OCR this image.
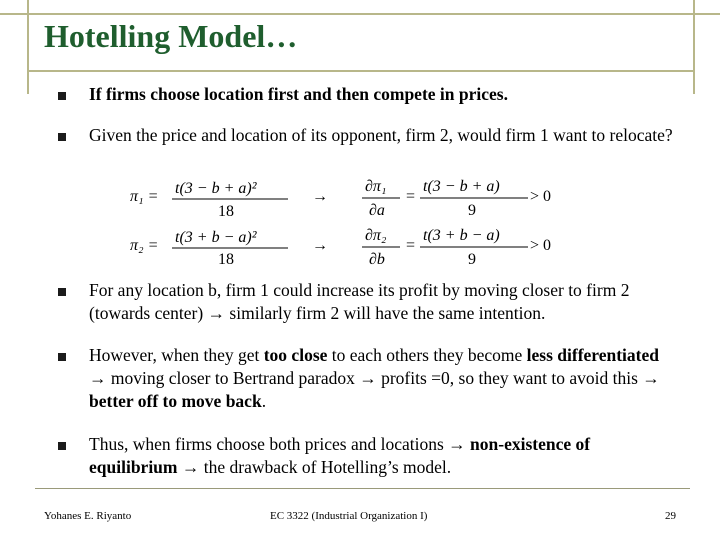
Hotelling Model…
If firms choose location first and then compete in prices.
Given the price and location of its opponent, firm 2, would firm 1 want to relocate?
π₁ = t(3 − b + a)²
18
→
∂π₁
∂a
=
t(3 − b + a)
9
> 0
π₂ = t(3 + b − a)²
18
→
∂π₂
∂b
=
t(3 + b − a)
9
> 0
For any location b, firm 1 could increase its profit by moving closer to firm 2 (towards center) → similarly firm 2 will have the same intention.
However, when they get too close to each others they become less differentiated → moving closer to Bertrand paradox → profits =0, so they want to avoid this → better off to move back.
Thus, when firms choose both prices and locations → non-existence of equilibrium → the drawback of Hotelling’s model.
Yohanes E. Riyanto	EC 3322 (Industrial Organization I)	29
